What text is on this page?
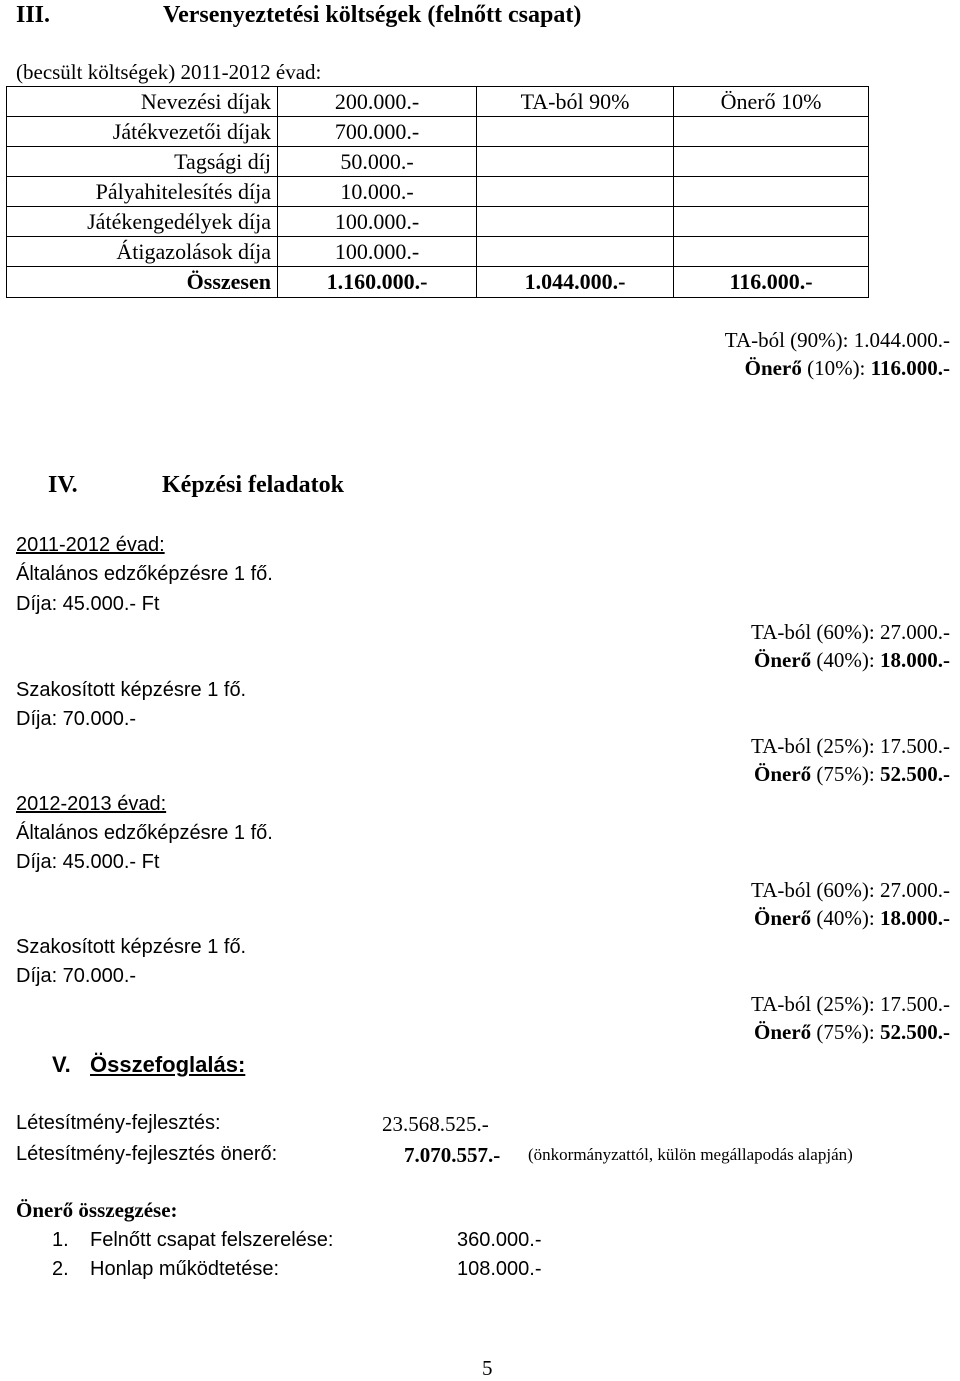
III.	Versenyeztetési költségek (felnőtt csapat)
(becsült költségek) 2011-2012 évad:
Nevezési díjak	200.000.-	TA-ból 90%	Önerő 10%
Játékvezetői díjak	700.000.-		
Tagsági díj	50.000.-		
Pályahitelesítés díja	10.000.-		
Játékengedélyek díja	100.000.-		
Átigazolások díja	100.000.-		
Összesen	1.160.000.-	1.044.000.-	116.000.-
TA-ból (90%): 1.044.000.-
Önerő (10%): 116.000.-
IV.	Képzési feladatok
2011-2012 évad:
Általános edzőképzésre 1 fő.
Díja: 45.000.- Ft
Szakosított képzésre 1 fő.
Díja: 70.000.-
TA-ból (60%): 27.000.-
Önerő (40%): 18.000.-
TA-ból (25%): 17.500.-
Önerő (75%): 52.500.-
2012-2013 évad:
Általános edzőképzésre 1 fő.
Díja: 45.000.- Ft
Szakosított képzésre 1 fő.
Díja: 70.000.-
TA-ból (60%): 27.000.-
Önerő (40%): 18.000.-
TA-ból (25%): 17.500.-
Önerő (75%): 52.500.-
V. Összefoglalás:
Létesítmény-fejlesztés:	23.568.525.-
Létesítmény-fejlesztés önerő:	7.070.557.- (önkormányzattól, külön megállapodás alapján)
Önerő összegzése:
1. Felnőtt csapat felszerelése:	360.000.-
2. Honlap működtetése:	108.000.-
5
